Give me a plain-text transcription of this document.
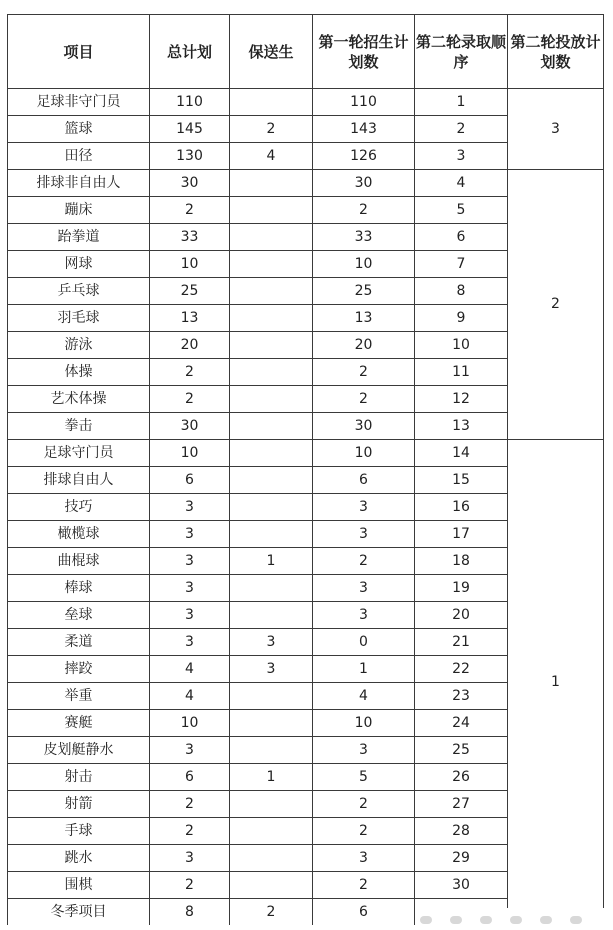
项目	总计划	保送生	第一轮招生计划数	第二轮录取顺序	第二轮投放计划数
足球非守门员	110		110	1	3
篮球	145	2	143	2	
田径	130	4	126	3	
排球非自由人	30		30	4	2
蹦床	2		2	5	
跆拳道	33		33	6	
网球	10		10	7	
乒乓球	25		25	8	
羽毛球	13		13	9	
游泳	20		20	10	
体操	2		2	11	
艺术体操	2		2	12	
拳击	30		30	13	
足球守门员	10		10	14	1
排球自由人	6		6	15	
技巧	3		3	16	
橄榄球	3		3	17	
曲棍球	3	1	2	18	
棒球	3		3	19	
垒球	3		3	20	
柔道	3	3	0	21	
摔跤	4	3	1	22	
举重	4		4	23	
赛艇	10		10	24	
皮划艇静水	3		3	25	
射击	6	1	5	26	
射箭	2		2	27	
手球	2		2	28	
跳水	3		3	29	
围棋	2		2	30	
冬季项目	8	2	6		
